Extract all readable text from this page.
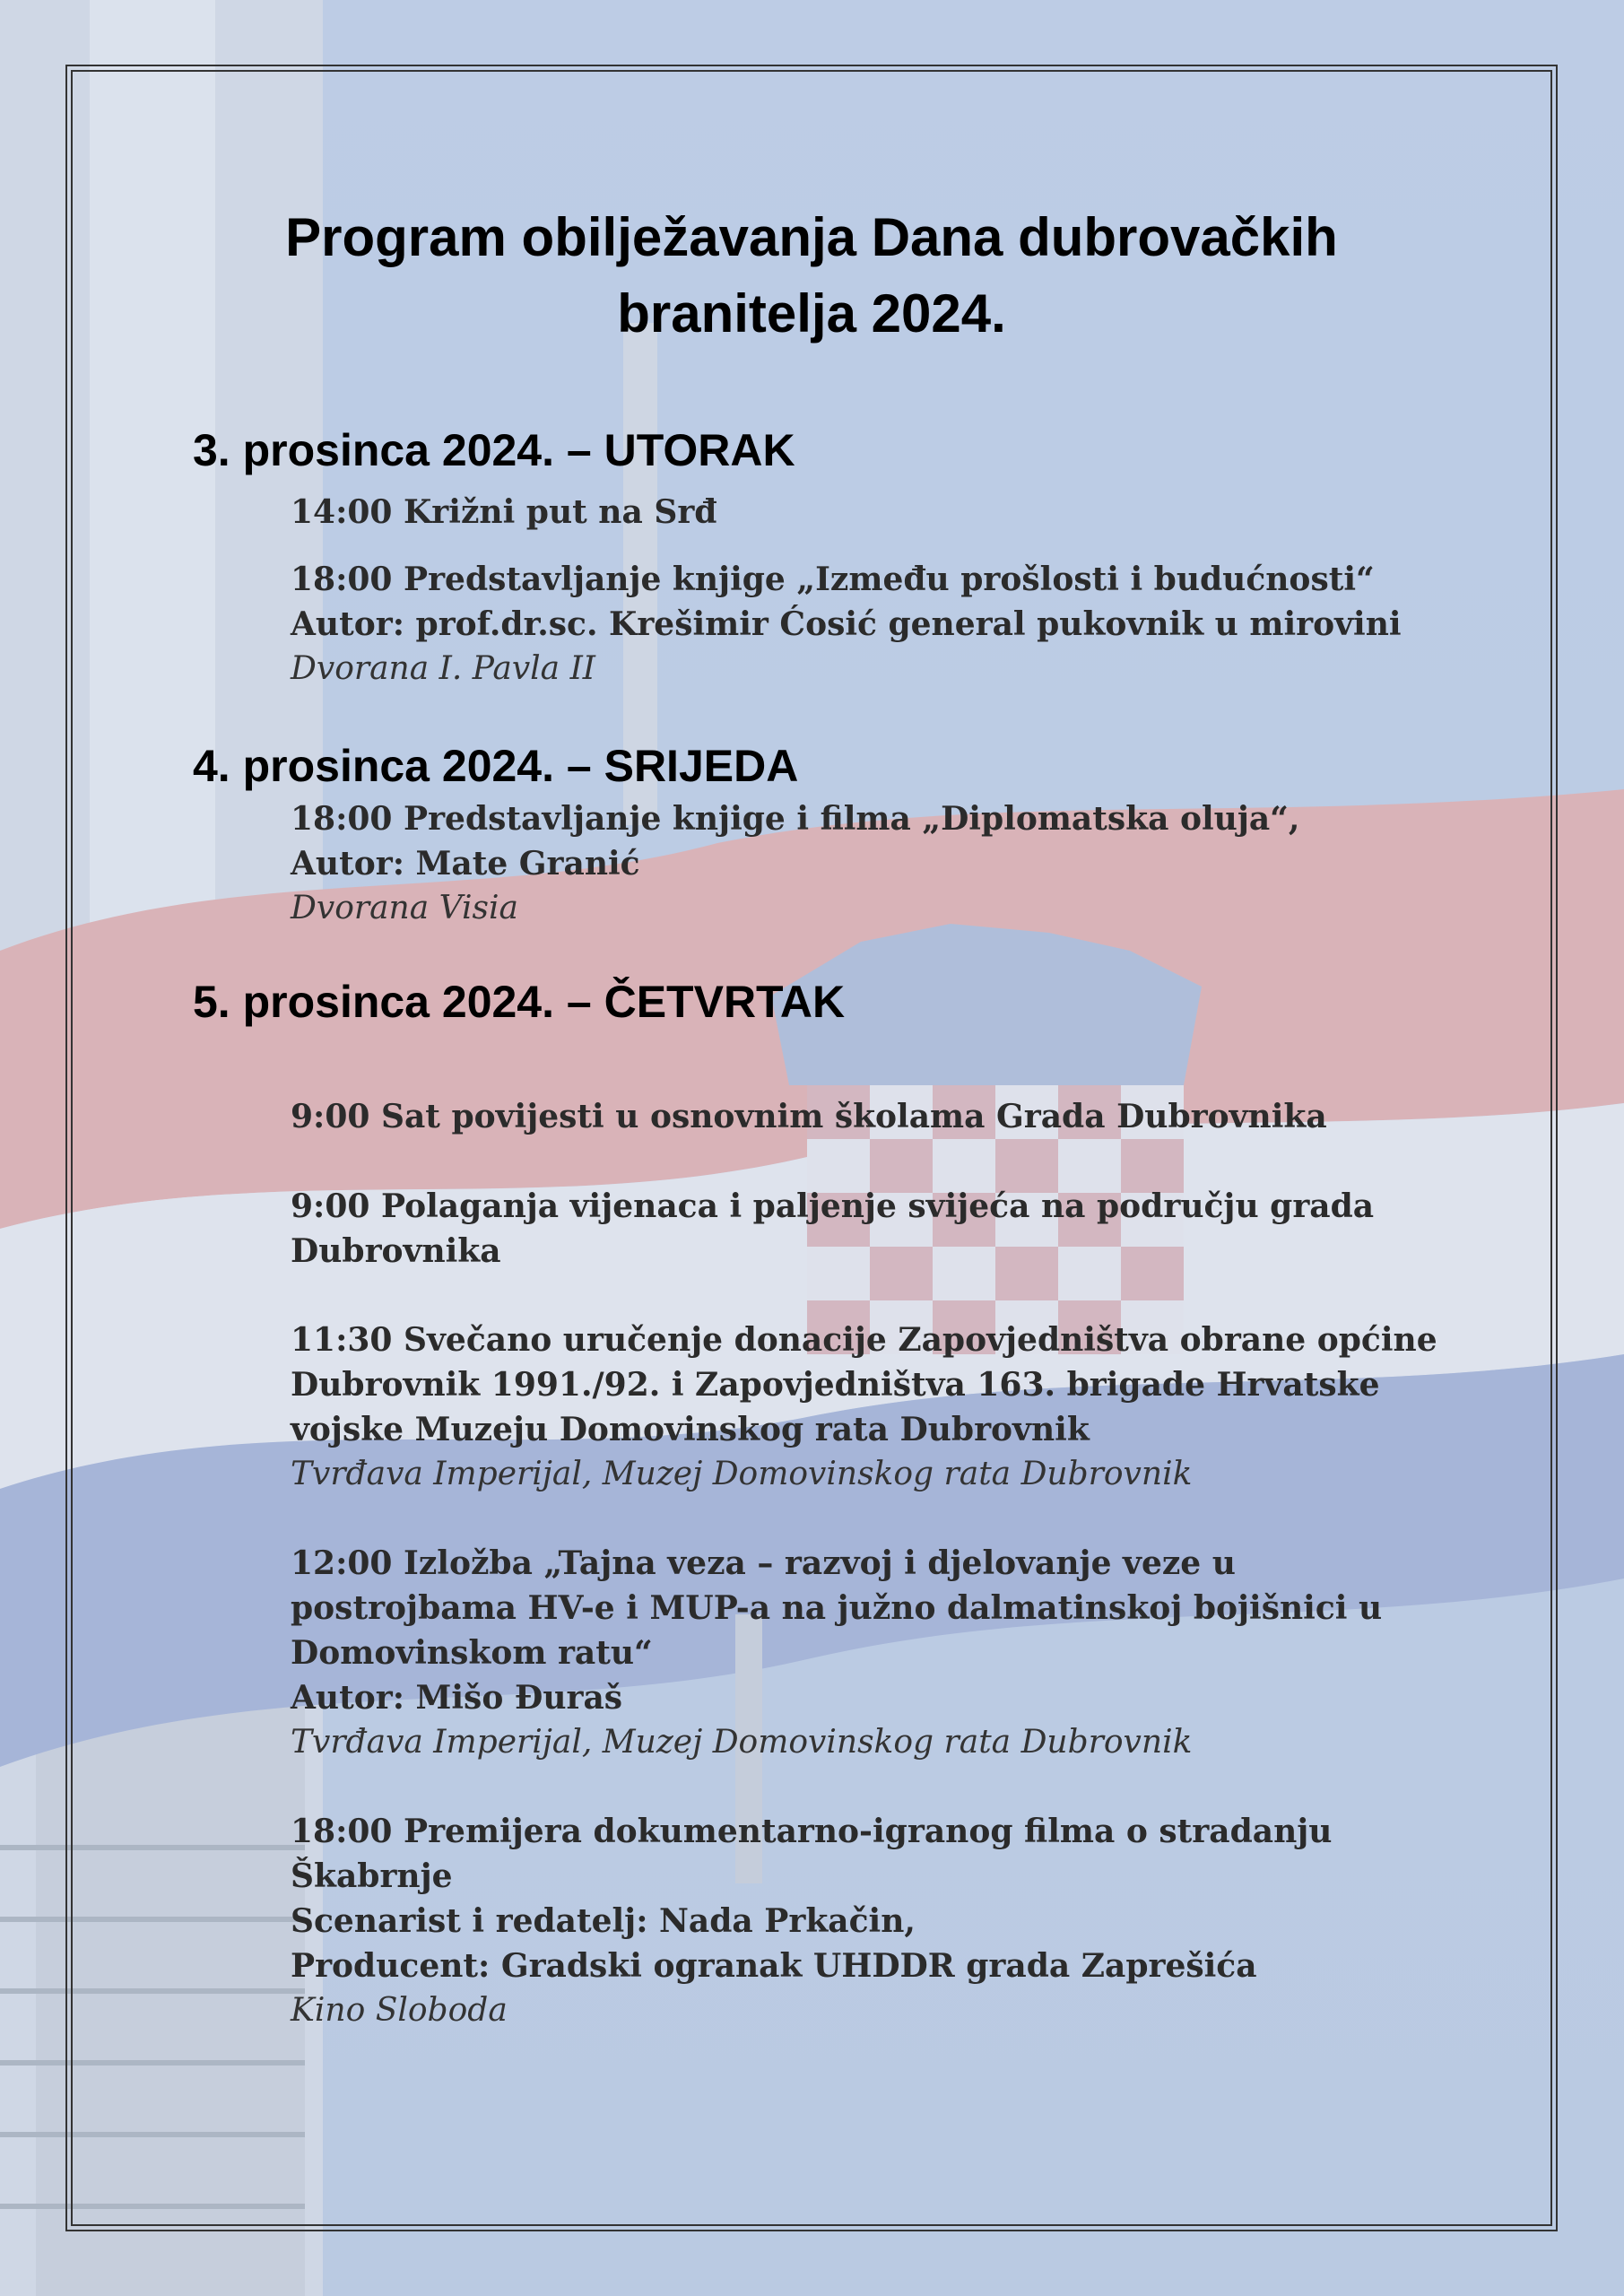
Program obilježavanja Dana dubrovačkih
branitelja 2024.
3. prosinca 2024. – UTORAK
14:00 Križni put na Srđ
18:00 Predstavljanje knjige „Između prošlosti i budućnosti“
Autor: prof.dr.sc. Krešimir Ćosić general pukovnik u mirovini
Dvorana I. Pavla II
4. prosinca 2024. – SRIJEDA
18:00 Predstavljanje knjige i filma „Diplomatska oluja“,
Autor: Mate Granić
Dvorana Visia
5. prosinca 2024. – ČETVRTAK
9:00 Sat povijesti u osnovnim školama Grada Dubrovnika
9:00 Polaganja vijenaca i paljenje svijeća na području grada
Dubrovnika
11:30 Svečano uručenje donacije Zapovjedništva obrane općine
Dubrovnik 1991./92. i Zapovjedništva 163. brigade Hrvatske
vojske Muzeju Domovinskog rata Dubrovnik
Tvrđava Imperijal, Muzej Domovinskog rata Dubrovnik
12:00 Izložba „Tajna veza – razvoj i djelovanje veze u
postrojbama HV-e i MUP-a na južno dalmatinskoj bojišnici u
Domovinskom ratu“
Autor: Mišo Đuraš
Tvrđava Imperijal, Muzej Domovinskog rata Dubrovnik
18:00 Premijera dokumentarno-igranog filma o stradanju
Škabrnje
Scenarist i redatelj: Nada Prkačin,
Producent: Gradski ogranak UHDDR grada Zaprešića
Kino Sloboda
